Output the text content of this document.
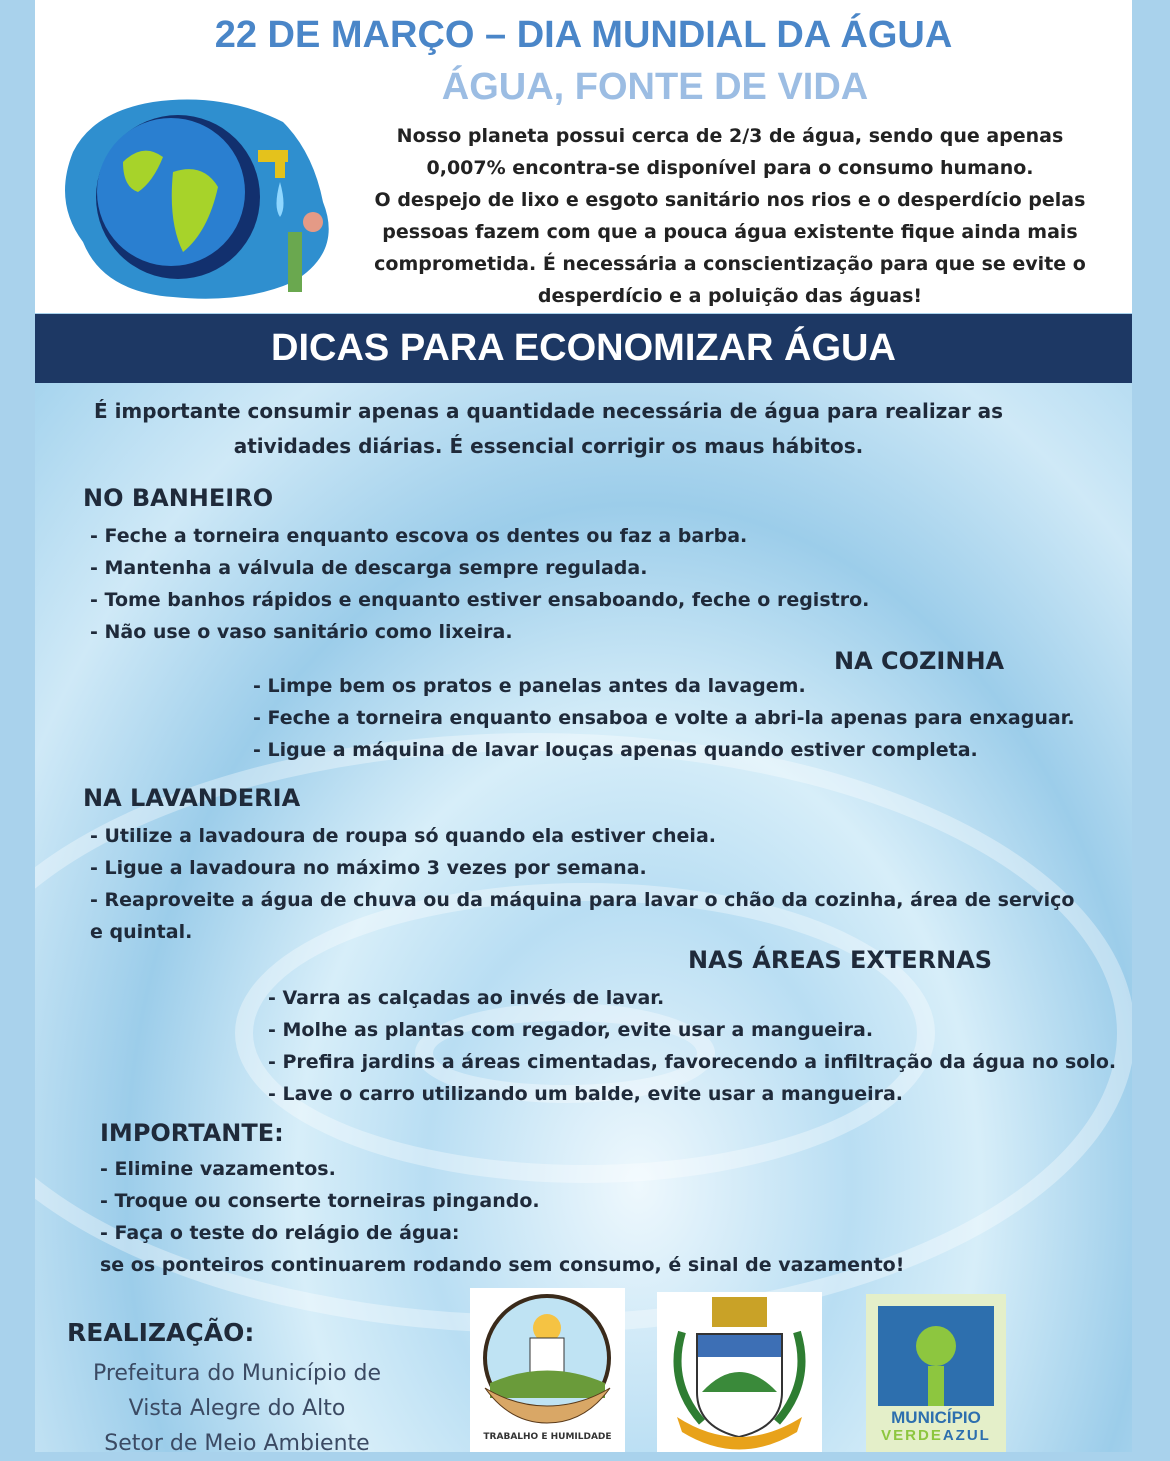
22 DE MARÇO – DIA MUNDIAL DA ÁGUA
ÁGUA, FONTE DE VIDA
Nosso planeta possui cerca de 2/3 de água, sendo que apenas
0,007% encontra-se disponível para o consumo humano.
O despejo de lixo e esgoto sanitário nos rios e o desperdício pelas
pessoas fazem com que a pouca água existente fique ainda mais
comprometida. É necessária a conscientização para que se evite o
desperdício e a poluição das águas!
DICAS PARA ECONOMIZAR ÁGUA
É importante consumir apenas a quantidade necessária de água para realizar as
atividades diárias. É essencial corrigir os maus hábitos.
NO BANHEIRO
- Feche a torneira enquanto escova os dentes ou faz a barba.
- Mantenha a válvula de descarga sempre regulada.
- Tome banhos rápidos e enquanto estiver ensaboando, feche o registro.
- Não use o vaso sanitário como lixeira.
NA COZINHA
- Limpe bem os pratos e panelas antes da lavagem.
- Feche a torneira enquanto ensaboa e volte a abri-la apenas para enxaguar.
- Ligue a máquina de lavar louças apenas quando estiver completa.
NA LAVANDERIA
- Utilize a lavadoura de roupa só quando ela estiver cheia.
- Ligue a lavadoura no máximo 3 vezes por semana.
- Reaproveite a água de chuva ou da máquina para lavar o chão da cozinha, área de serviço
e quintal.
NAS ÁREAS EXTERNAS
- Varra as calçadas ao invés de lavar.
- Molhe as plantas com regador, evite usar a mangueira.
- Prefira jardins a áreas cimentadas, favorecendo a infiltração da água no solo.
- Lave o carro utilizando um balde, evite usar a mangueira.
IMPORTANTE:
- Elimine vazamentos.
- Troque ou conserte torneiras pingando.
- Faça o teste do relágio de água:
se os ponteiros continuarem rodando sem consumo, é sinal de vazamento!
REALIZAÇÃO:
Prefeitura do Município de
Vista Alegre do Alto
Setor de Meio Ambiente	TRABALHO E HUMILDADE
MUNICÍPIO
VERDEAZUL
